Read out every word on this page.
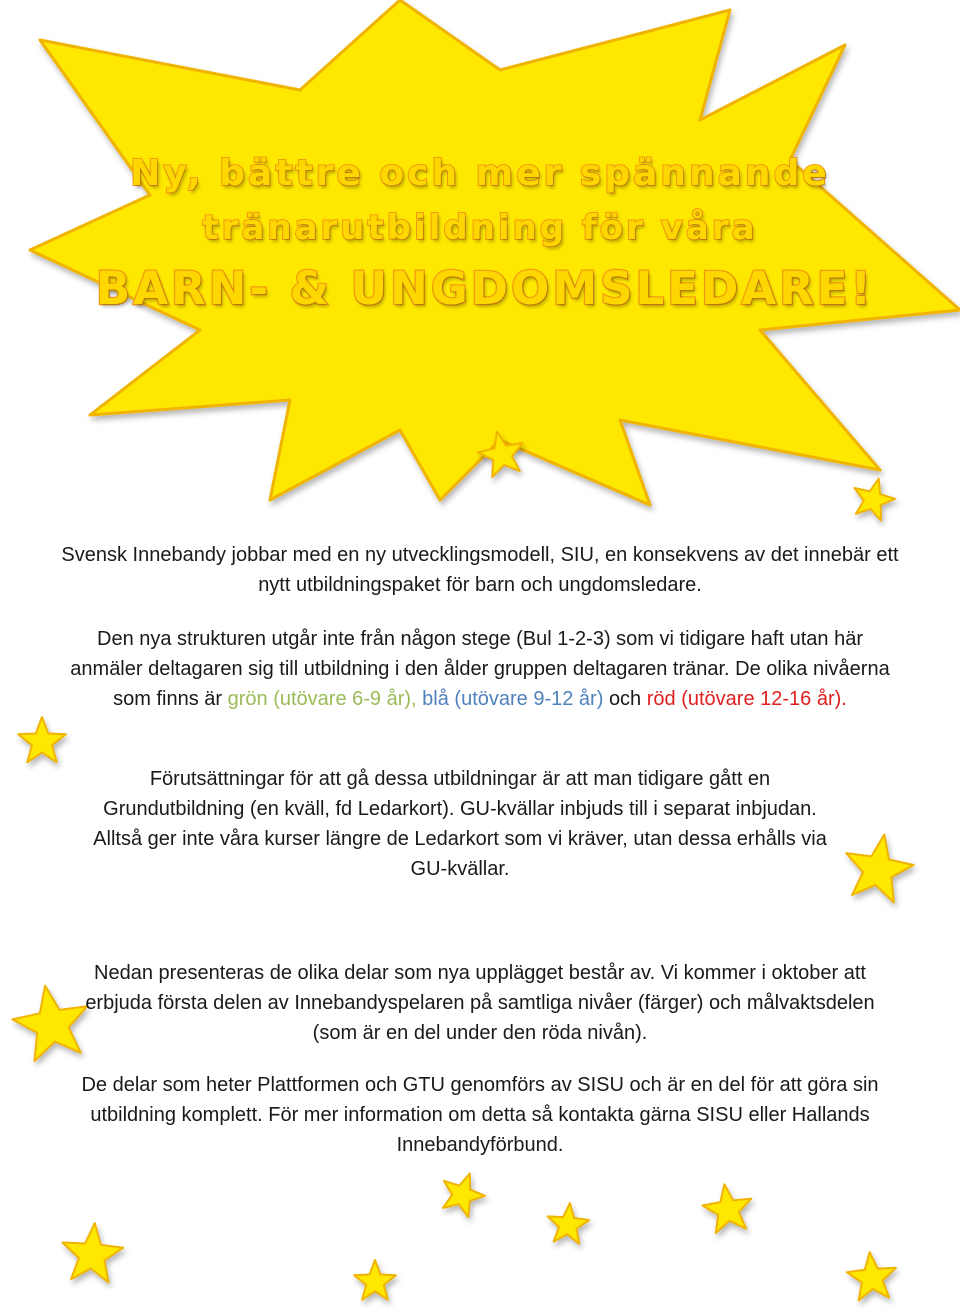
Ny, bättre och mer spännande
tränarutbildning för våra
BARN- & UNGDOMSLEDARE!

Svensk Innebandy jobbar med en ny utvecklingsmodell, SIU, en konsekvens av det innebär ett nytt utbildningspaket för barn och ungdomsledare.

Den nya strukturen utgår inte från någon stege (Bul 1-2-3) som vi tidigare haft utan här anmäler deltagaren sig till utbildning i den ålder gruppen deltagaren tränar. De olika nivåerna som finns är grön (utövare 6-9 år), blå (utövare 9-12 år) och röd (utövare 12-16 år).

Förutsättningar för att gå dessa utbildningar är att man tidigare gått en Grundutbildning (en kväll, fd Ledarkort). GU-kvällar inbjuds till i separat inbjudan. Alltså ger inte våra kurser längre de Ledarkort som vi kräver, utan dessa erhålls via GU-kvällar.

Nedan presenteras de olika delar som nya upplägget består av. Vi kommer i oktober att erbjuda första delen av Innebandyspelaren på samtliga nivåer (färger) och målvaktsdelen (som är en del under den röda nivån).

De delar som heter Plattformen och GTU genomförs av SISU och är en del för att göra sin utbildning komplett. För mer information om detta så kontakta gärna SISU eller Hallands Innebandyförbund.
